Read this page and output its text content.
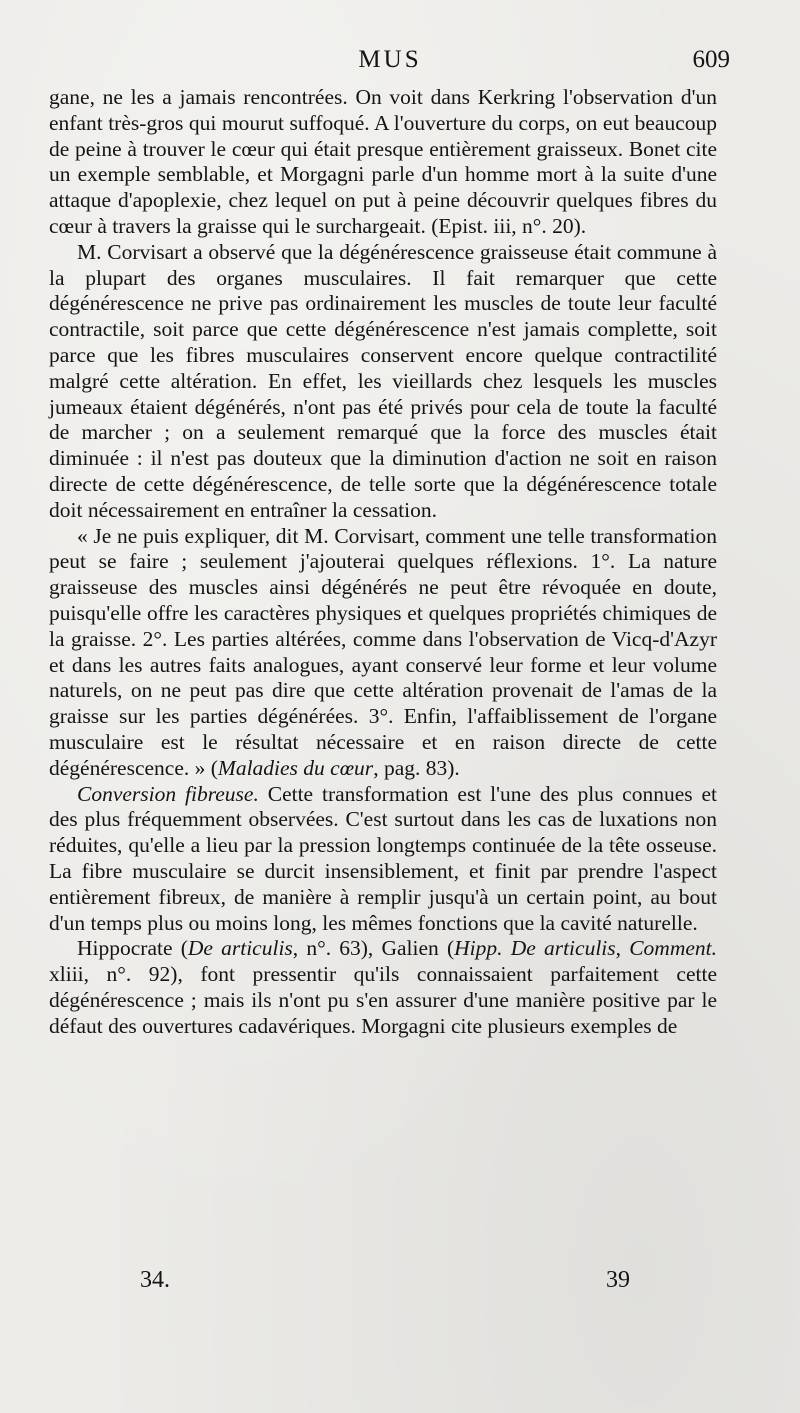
MUS	609

gane, ne les a jamais rencontrées. On voit dans Kerkring l'observation d'un enfant très-gros qui mourut suffoqué. A l'ouverture du corps, on eut beaucoup de peine à trouver le cœur qui était presque entièrement graisseux. Bonet cite un exemple semblable, et Morgagni parle d'un homme mort à la suite d'une attaque d'apoplexie, chez lequel on put à peine découvrir quelques fibres du cœur à travers la graisse qui le surchargeait. (Epist. iii, n°. 20).

M. Corvisart a observé que la dégénérescence graisseuse était commune à la plupart des organes musculaires. Il fait remarquer que cette dégénérescence ne prive pas ordinairement les muscles de toute leur faculté contractile, soit parce que cette dégénérescence n'est jamais complette, soit parce que les fibres musculaires conservent encore quelque contractilité malgré cette altération. En effet, les vieillards chez lesquels les muscles jumeaux étaient dégénérés, n'ont pas été privés pour cela de toute la faculté de marcher ; on a seulement remarqué que la force des muscles était diminuée : il n'est pas douteux que la diminution d'action ne soit en raison directe de cette dégénérescence, de telle sorte que la dégénérescence totale doit nécessairement en entraîner la cessation.

« Je ne puis expliquer, dit M. Corvisart, comment une telle transformation peut se faire ; seulement j'ajouterai quelques réflexions. 1°. La nature graisseuse des muscles ainsi dégénérés ne peut être révoquée en doute, puisqu'elle offre les caractères physiques et quelques propriétés chimiques de la graisse. 2°. Les parties altérées, comme dans l'observation de Vicq-d'Azyr et dans les autres faits analogues, ayant conservé leur forme et leur volume naturels, on ne peut pas dire que cette altération provenait de l'amas de la graisse sur les parties dégénérées. 3°. Enfin, l'affaiblissement de l'organe musculaire est le résultat nécessaire et en raison directe de cette dégénérescence. » (Maladies du cœur, pag. 83).

Conversion fibreuse. Cette transformation est l'une des plus connues et des plus fréquemment observées. C'est surtout dans les cas de luxations non réduites, qu'elle a lieu par la pression longtemps continuée de la tête osseuse. La fibre musculaire se durcit insensiblement, et finit par prendre l'aspect entièrement fibreux, de manière à remplir jusqu'à un certain point, au bout d'un temps plus ou moins long, les mêmes fonctions que la cavité naturelle.

Hippocrate (De articulis, n°. 63), Galien (Hipp. De articulis, Comment. xliii, n°. 92), font pressentir qu'ils connaissaient parfaitement cette dégénérescence ; mais ils n'ont pu s'en assurer d'une manière positive par le défaut des ouvertures cadavériques. Morgagni cite plusieurs exemples de

34.	39
